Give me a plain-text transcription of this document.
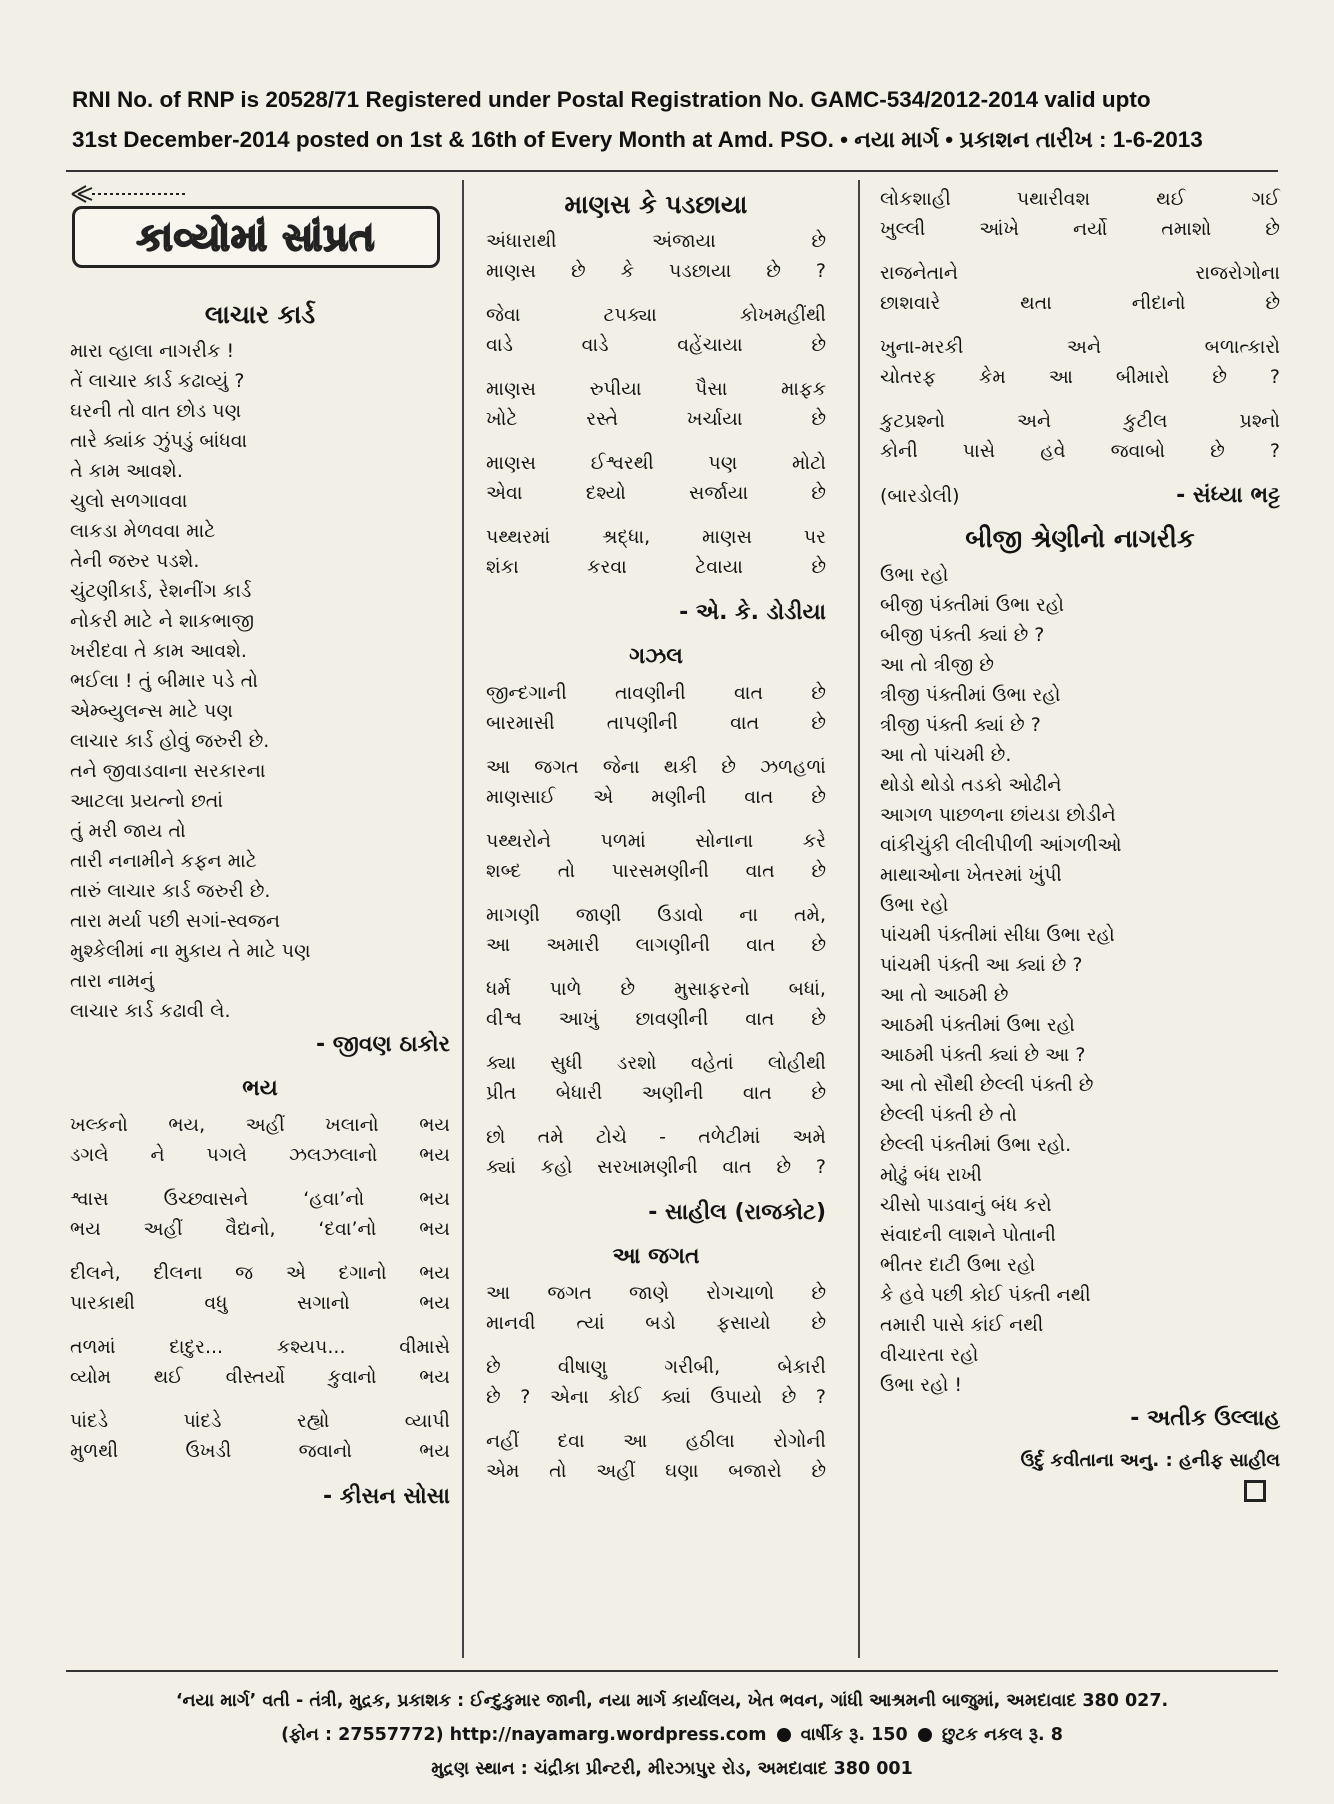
RNI No. of RNP is 20528/71 Registered under Postal Registration No. GAMC-534/2012-2014 valid upto
31st December-2014 posted on 1st & 16th of Every Month at Amd. PSO. • નયા માર્ગ • પ્રકાશન તારીખ : 1-6-2013
કાવ્યોમાં સાંપ્રત
લાચાર કાર્ડ
મારા વ્હાલા નાગરીક !
તેં લાચાર કાર્ડ કઢાવ્યું ?
ઘરની તો વાત છોડ પણ
તારે ક્યાંક ઝુંપડું બાંધવા
તે કામ આવશે.
ચુલો સળગાવવા
લાકડા મેળવવા માટે
તેની જરુર પડશે.
ચુંટણીકાર્ડ, રેશનીંગ કાર્ડ
નોકરી માટે ને શાકભાજી
ખરીદવા તે કામ આવશે.
ભઈલા ! તું બીમાર પડે તો
એમ્બ્યુલન્સ માટે પણ
લાચાર કાર્ડ હોવું જરુરી છે.
તને જીવાડવાના સરકારના
આટલા પ્રયત્નો છતાં
તું મરી જાય તો
તારી નનામીને કફન માટે
તારું લાચાર કાર્ડ જરુરી છે.
તારા મર્યા પછી સગાં-સ્વજન
મુશ્કેલીમાં ના મુકાય તે માટે પણ
તારા નામનું
લાચાર કાર્ડ કઢાવી લે.
- જીવણ ઠાકોર
ભય
ખલ્કનો ભય, અહીં ખલાનો ભય
ડગલે ને પગલે ઝલઝલાનો ભય
શ્વાસ	ઉચ્છ્વાસને	‘હવા’નો	ભય
ભય અહીં વૈદ્યનો, ‘દવા’નો ભય
દીલને, દીલના જ એ દગાનો ભય
પારકાથી	વધુ	સગાનો	ભય
તળમાં	દાદુર...	કશ્યપ...	વીમાસે
વ્યોમ થઈ વીસ્તર્યો કુવાનો ભય
પાંદડે	પાંદડે	રહ્યો	વ્યાપી
મુળથી	ઉખડી	જવાનો	ભય
- કીસન સોસા
માણસ કે પડછાયા
અંધારાથી	અંજાયા	છે
માણસ છે કે પડછાયા છે ?
જેવા	ટપક્યા	કોખમહીંથી
વાડે	વાડે	વહેંચાયા	છે
માણસ	રુપીયા	પૈસા	માફક
ખોટે	રસ્તે	ખર્ચાયા	છે
માણસ	ઈશ્વરથી	પણ	મોટો
એવા	દશ્યો	સર્જાયા	છે
પથ્થરમાં	શ્રદ્ધા,	માણસ	પર
શંકા	કરવા	ટેવાયા	છે
- એ. કે. ડોડીયા
ગઝલ
જીન્દગાની	તાવણીની	વાત	છે
બારમાસી	તાપણીની	વાત	છે
આ જગત જેના થકી છે ઝળહળાં
માણસાઈ એ મણીની વાત છે
પથ્થરોને	પળમાં	સોનાના	કરે
શબ્દ તો પારસમણીની વાત છે
માગણી જાણી ઉડાવો ના તમે,
આ અમારી લાગણીની વાત છે
ધર્મ પાળે છે મુસાફરનો બધાં,
વીશ્વ આખું છાવણીની વાત છે
ક્યા સુધી ડરશો વહેતાં લોહીથી
પ્રીત બેધારી અણીની વાત છે
છો તમે ટોચે - તળેટીમાં અમે
ક્યાં કહો સરખામણીની વાત છે ?
- સાહીલ (રાજકોટ)
આ જગત
આ જગત જાણે રોગચાળો છે
માનવી ત્યાં બડો ફસાયો છે
છે	વીષાણુ	ગરીબી,	બેકારી
છે ? એના કોઈ ક્યાં ઉપાયો છે ?
નહીં દવા આ હઠીલા રોગોની
એમ તો અહીં ઘણા બજારો છે
લોકશાહી	પથારીવશ	થઈ	ગઈ
ખુલ્લી	આંખે	નર્યો	તમાશો	છે
રાજનેતાને	રાજરોગોના
છાશવારે	થતા	નીદાનો	છે
ખુના-મરકી	અને	બળાત્કારો
ચોતરફ કેમ આ બીમારો છે ?
કુટપ્રશ્નો	અને	કુટીલ	પ્રશ્નો
કોની પાસે હવે જવાબો છે ?
(બારડોલી)	- સંધ્યા ભટ્ટ
બીજી શ્રેણીનો નાગરીક
ઉભા રહો
બીજી પંક્તીમાં ઉભા રહો
બીજી પંક્તી ક્યાં છે ?
આ તો ત્રીજી છે
ત્રીજી પંક્તીમાં ઉભા રહો
ત્રીજી પંક્તી ક્યાં છે ?
આ તો પાંચમી છે.
થોડો થોડો તડકો ઓઢીને
આગળ પાછળના છાંયડા છોડીને
વાંકીચુંકી લીલીપીળી આંગળીઓ
માથાઓના ખેતરમાં ખુંપી
ઉભા રહો
પાંચમી પંક્તીમાં સીધા ઉભા રહો
પાંચમી પંક્તી આ ક્યાં છે ?
આ તો આઠમી છે
આઠમી પંક્તીમાં ઉભા રહો
આઠમી પંક્તી ક્યાં છે આ ?
આ તો સૌથી છેલ્લી પંક્તી છે
છેલ્લી પંક્તી છે તો
છેલ્લી પંક્તીમાં ઉભા રહો.
મોઢું બંધ રાખી
ચીસો પાડવાનું બંધ કરો
સંવાદની લાશને પોતાની
ભીતર દાટી ઉભા રહો
કે હવે પછી કોઈ પંક્તી નથી
તમારી પાસે કાંઈ નથી
વીચારતા રહો
ઉભા રહો !
- અતીક ઉલ્લાહ
ઉર્દુ કવીતાના અનુ. : હનીફ સાહીલ
‘નયા માર્ગ’ વતી - તંત્રી, મુદ્રક, પ્રકાશક : ઈન્દુકુમાર જાની, નયા માર્ગ કાર્યાલય, ખેત ભવન, ગાંધી આશ્રમની બાજુમાં, અમદાવાદ 380 027.
(ફોન : 27557772) http://nayamarg.wordpress.com વાર્ષીક રૂ. 150 છુટક નકલ રૂ. 8
મુદ્રણ સ્થાન : ચંદ્રીકા પ્રીન્ટરી, મીરઝાપુર રોડ, અમદાવાદ 380 001
